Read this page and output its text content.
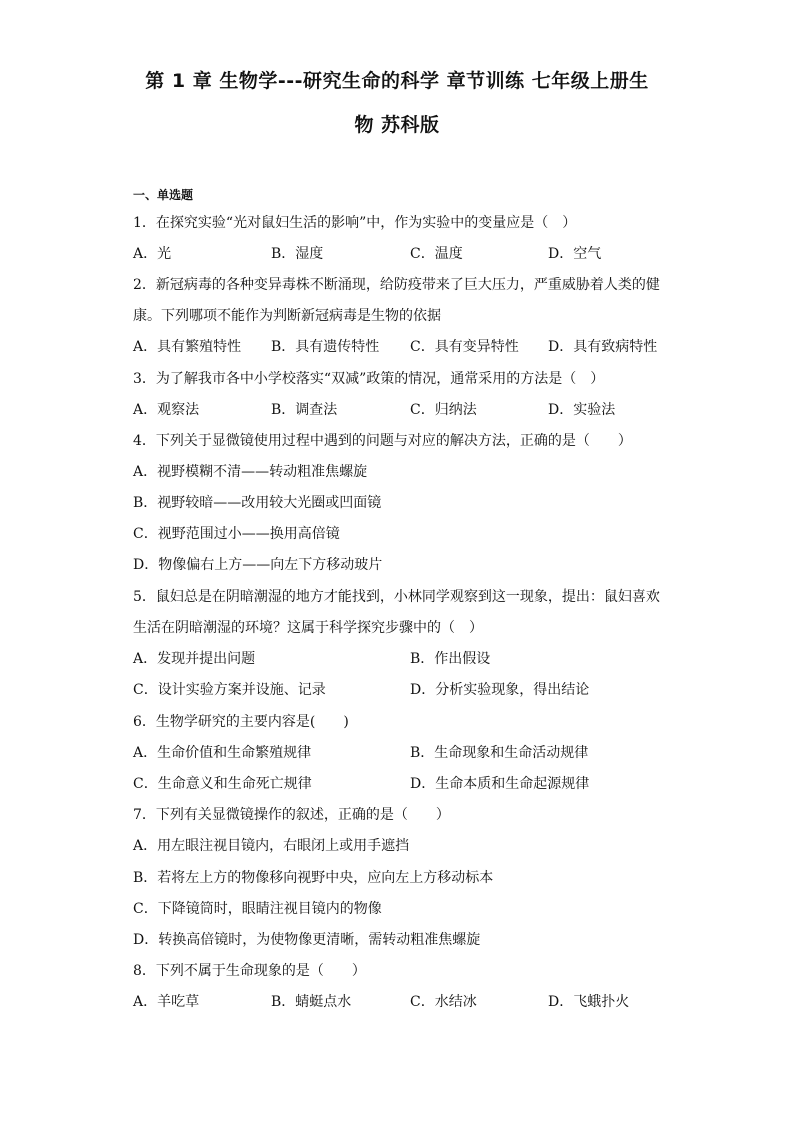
第 1 章 生物学---研究生命的科学 章节训练 七年级上册生
物 苏科版
一、单选题
1．在探究实验“光对鼠妇生活的影响”中，作为实验中的变量应是（　）
A．光	B．湿度	C．温度	D．空气
2．新冠病毒的各种变异毒株不断涌现，给防疫带来了巨大压力，严重威胁着人类的健
康。下列哪项不能作为判断新冠病毒是生物的依据
A．具有繁殖特性 B．具有遗传特性 C．具有变异特性 D．具有致病特性
3．为了解我市各中小学校落实“双减”政策的情况，通常采用的方法是（　）
A．观察法	B．调查法	C．归纳法	D．实验法
4．下列关于显微镜使用过程中遇到的问题与对应的解决方法，正确的是（　　）
A．视野模糊不清——转动粗准焦螺旋
B．视野较暗——改用较大光圈或凹面镜
C．视野范围过小——换用高倍镜
D．物像偏右上方——向左下方移动玻片
5．鼠妇总是在阴暗潮湿的地方才能找到，小林同学观察到这一现象，提出：鼠妇喜欢
生活在阴暗潮湿的环境？这属于科学探究步骤中的（　）
A．发现并提出问题	B．作出假设
C．设计实验方案并设施、记录	D．分析实验现象，得出结论
6．生物学研究的主要内容是(　　)
A．生命价值和生命繁殖规律	B．生命现象和生命活动规律
C．生命意义和生命死亡规律	D．生命本质和生命起源规律
7．下列有关显微镜操作的叙述，正确的是（　　）
A．用左眼注视目镜内，右眼闭上或用手遮挡
B．若将左上方的物像移向视野中央，应向左上方移动标本
C．下降镜筒时，眼睛注视目镜内的物像
D．转换高倍镜时，为使物像更清晰，需转动粗准焦螺旋
8．下列不属于生命现象的是（　　）
A．羊吃草	B．蜻蜓点水	C．水结冰	D．飞蛾扑火
